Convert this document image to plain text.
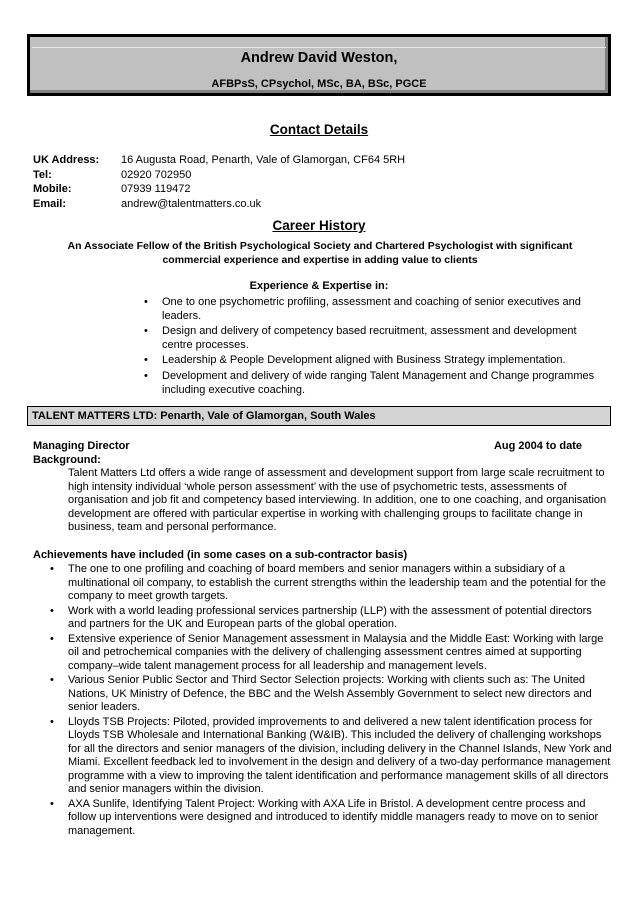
Andrew David Weston,
AFBPsS, CPsychol, MSc, BA, BSc, PGCE
Contact Details
UK Address:	16 Augusta Road, Penarth, Vale of Glamorgan, CF64 5RH
Tel:	02920 702950
Mobile:	07939 119472
Email:	andrew@talentmatters.co.uk
Career History
An Associate Fellow of the British Psychological Society and Chartered Psychologist with significant commercial experience and expertise in adding value to clients
Experience & Expertise in:
• One to one psychometric profiling, assessment and coaching of senior executives and leaders.
• Design and delivery of competency based recruitment, assessment and development centre processes.
• Leadership & People Development aligned with Business Strategy implementation.
• Development and delivery of wide ranging Talent Management and Change programmes including executive coaching.
TALENT MATTERS LTD: Penarth, Vale of Glamorgan, South Wales
Managing Director	Aug 2004 to date
Background:
Talent Matters Ltd offers a wide range of assessment and development support from large scale recruitment to high intensity individual ‘whole person assessment’ with the use of psychometric tests, assessments of organisation and job fit and competency based interviewing. In addition, one to one coaching, and organisation development are offered with particular expertise in working with challenging groups to facilitate change in business, team and personal performance.
Achievements have included (in some cases on a sub-contractor basis)
• The one to one profiling and coaching of board members and senior managers within a subsidiary of a multinational oil company, to establish the current strengths within the leadership team and the potential for the company to meet growth targets.
• Work with a world leading professional services partnership (LLP) with the assessment of potential directors and partners for the UK and European parts of the global operation.
• Extensive experience of Senior Management assessment in Malaysia and the Middle East: Working with large oil and petrochemical companies with the delivery of challenging assessment centres aimed at supporting company–wide talent management process for all leadership and management levels.
• Various Senior Public Sector and Third Sector Selection projects: Working with clients such as: The United Nations, UK Ministry of Defence, the BBC and the Welsh Assembly Government to select new directors and senior leaders.
• Lloyds TSB Projects: Piloted, provided improvements to and delivered a new talent identification process for Lloyds TSB Wholesale and International Banking (W&IB). This included the delivery of challenging workshops for all the directors and senior managers of the division, including delivery in the Channel Islands, New York and Miami. Excellent feedback led to involvement in the design and delivery of a two-day performance management programme with a view to improving the talent identification and performance management skills of all directors and senior managers within the division.
• AXA Sunlife, Identifying Talent Project: Working with AXA Life in Bristol. A development centre process and follow up interventions were designed and introduced to identify middle managers ready to move on to senior management.
